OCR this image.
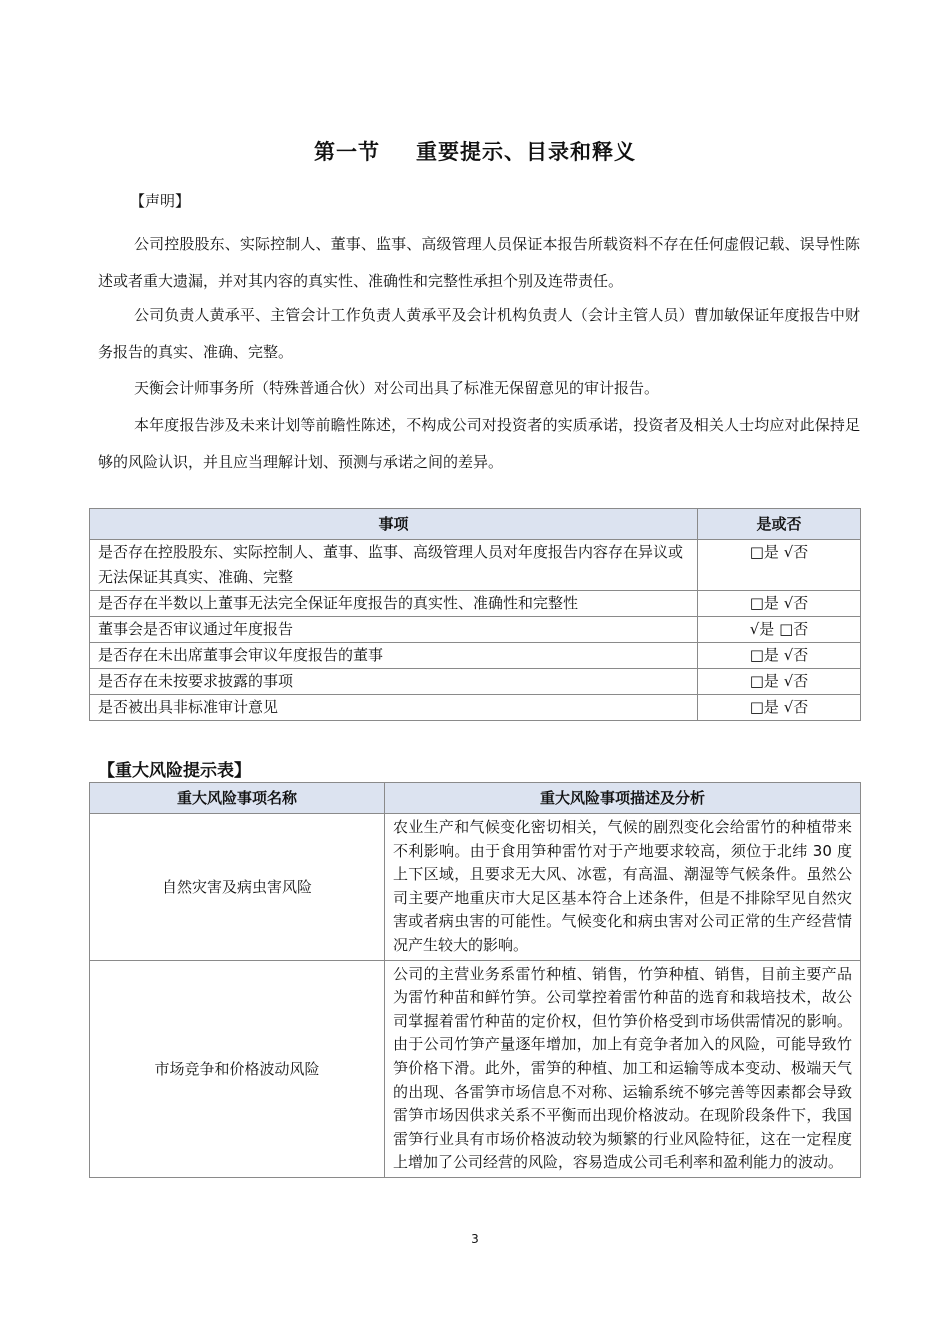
第一节 重要提示、目录和释义
【声明】

公司控股股东、实际控制人、董事、监事、高级管理人员保证本报告所载资料不存在任何虚假记载、误导性陈述或者重大遗漏，并对其内容的真实性、准确性和完整性承担个别及连带责任。

公司负责人黄承平、主管会计工作负责人黄承平及会计机构负责人（会计主管人员）曹加敏保证年度报告中财务报告的真实、准确、完整。

天衡会计师事务所（特殊普通合伙）对公司出具了标准无保留意见的审计报告。

本年度报告涉及未来计划等前瞻性陈述，不构成公司对投资者的实质承诺，投资者及相关人士均应对此保持足够的风险认识，并且应当理解计划、预测与承诺之间的差异。

事项	是或否
是否存在控股股东、实际控制人、董事、监事、高级管理人员对年度报告内容存在异议或无法保证其真实、准确、完整	□是 √否
是否存在半数以上董事无法完全保证年度报告的真实性、准确性和完整性	□是 √否
董事会是否审议通过年度报告	√是 □否
是否存在未出席董事会审议年度报告的董事	□是 √否
是否存在未按要求披露的事项	□是 √否
是否被出具非标准审计意见	□是 √否
【重大风险提示表】
重大风险事项名称	重大风险事项描述及分析
自然灾害及病虫害风险	农业生产和气候变化密切相关，气候的剧烈变化会给雷竹的种植带来不利影响。由于食用笋种雷竹对于产地要求较高，须位于北纬 30 度上下区域，且要求无大风、冰雹，有高温、潮湿等气候条件。虽然公司主要产地重庆市大足区基本符合上述条件，但是不排除罕见自然灾害或者病虫害的可能性。气候变化和病虫害对公司正常的生产经营情况产生较大的影响。
市场竞争和价格波动风险	公司的主营业务系雷竹种植、销售，竹笋种植、销售，目前主要产品为雷竹种苗和鲜竹笋。公司掌控着雷竹种苗的选育和栽培技术，故公司掌握着雷竹种苗的定价权，但竹笋价格受到市场供需情况的影响。由于公司竹笋产量逐年增加，加上有竞争者加入的风险，可能导致竹笋价格下滑。此外，雷笋的种植、加工和运输等成本变动、极端天气的出现、各雷笋市场信息不对称、运输系统不够完善等因素都会导致雷笋市场因供求关系不平衡而出现价格波动。在现阶段条件下，我国雷笋行业具有市场价格波动较为频繁的行业风险特征，这在一定程度上增加了公司经营的风险，容易造成公司毛利率和盈利能力的波动。
3
